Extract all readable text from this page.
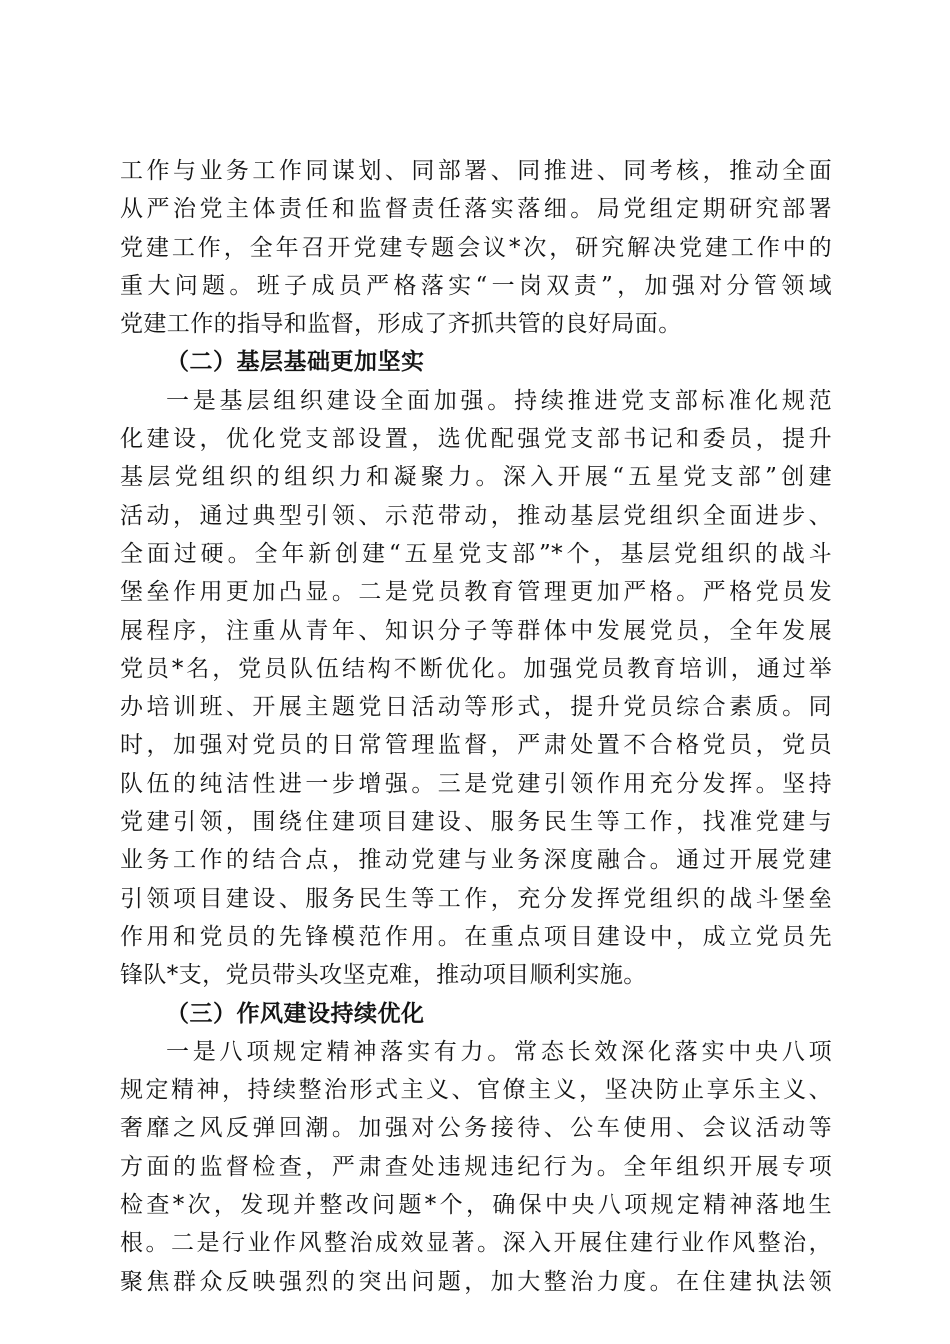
工作与业务工作同谋划、同部署、同推进、同考核，推动全面
从严治党主体责任和监督责任落实落细。局党组定期研究部署
党建工作，全年召开党建专题会议*次，研究解决党建工作中的
重大问题。班子成员严格落实“一岗双责”，加强对分管领域
党建工作的指导和监督，形成了齐抓共管的良好局面。
（二）基层基础更加坚实
一是基层组织建设全面加强。持续推进党支部标准化规范
化建设，优化党支部设置，选优配强党支部书记和委员，提升
基层党组织的组织力和凝聚力。深入开展“五星党支部”创建
活动，通过典型引领、示范带动，推动基层党组织全面进步、
全面过硬。全年新创建“五星党支部”*个，基层党组织的战斗
堡垒作用更加凸显。二是党员教育管理更加严格。严格党员发
展程序，注重从青年、知识分子等群体中发展党员，全年发展
党员*名，党员队伍结构不断优化。加强党员教育培训，通过举
办培训班、开展主题党日活动等形式，提升党员综合素质。同
时，加强对党员的日常管理监督，严肃处置不合格党员，党员
队伍的纯洁性进一步增强。三是党建引领作用充分发挥。坚持
党建引领，围绕住建项目建设、服务民生等工作，找准党建与
业务工作的结合点，推动党建与业务深度融合。通过开展党建
引领项目建设、服务民生等工作，充分发挥党组织的战斗堡垒
作用和党员的先锋模范作用。在重点项目建设中，成立党员先
锋队*支，党员带头攻坚克难，推动项目顺利实施。
（三）作风建设持续优化
一是八项规定精神落实有力。常态长效深化落实中央八项
规定精神，持续整治形式主义、官僚主义，坚决防止享乐主义、
奢靡之风反弹回潮。加强对公务接待、公车使用、会议活动等
方面的监督检查，严肃查处违规违纪行为。全年组织开展专项
检查*次，发现并整改问题*个，确保中央八项规定精神落地生
根。二是行业作风整治成效显著。深入开展住建行业作风整治，
聚焦群众反映强烈的突出问题，加大整治力度。在住建执法领
